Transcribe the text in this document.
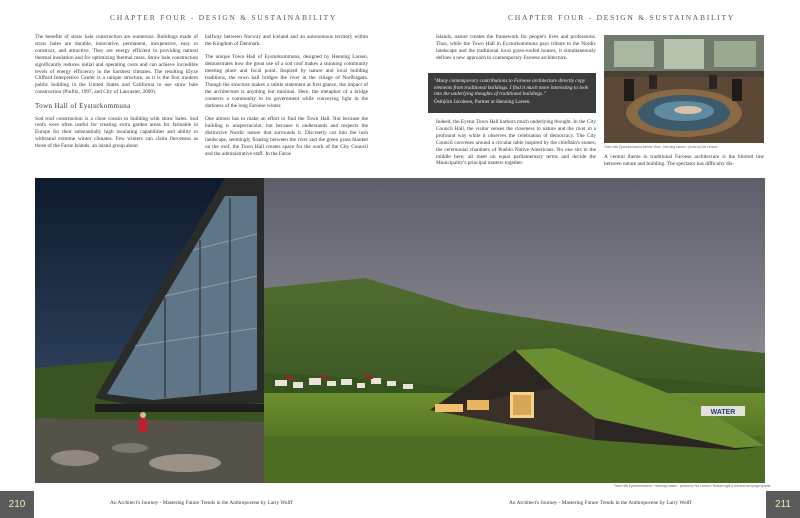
CHAPTER FOUR - DESIGN & SUSTAINABILITY

The benefits of straw bale construction are numerous. Buildings made of straw bales are durable, innovative, permanent, inexpensive, easy to construct, and attractive. They are energy efficient in providing natural thermal insulation and for optimizing thermal mass. Straw bale construction significantly reduces initial and operating costs and can achieve incredible levels of energy efficiency in the harshest climates. The resulting Elyze Clifford Interpretive Center is a unique structure, as it is the first modern public building in the United States and California to use straw bale construction (Pinfitz, 1997, and City of Lancaster, 2009).

Town Hall of Eysturkommuna

Sod roof construction is a close cousin to building with straw bales. Sod roofs were often useful for creating extra garden areas for farmable in Europe for their substantially high insulating capabilities and ability to withstand extreme winter climates. Few winters can claim fierceness as those of the Faroe Islands, an island group about

halfway between Norway and Iceland and an autonomous territory within the Kingdom of Denmark.

The unique Town Hall of Eysturkommuna, designed by Henning Larsen, demonstrates how the great use of a sod roof makes a stunning community meeting place and focal point. Inspired by nature and local building traditions, the town hall bridges the river in the village of Norðragøta. Though the structure makes a subtle statement at first glance, the impact of the architecture is anything but minimal. Here, the metaphor of a bridge connects a community to its government while conveying light in the darkness of the long Faroese winter.

One almost has to make an effort to find the Town Hall. Not because the building is unspectacular, but because it understands and respects the distinctive Nordic nature that surrounds it. Discreetly cut into the lush landscape, seemingly floating between the river and the green grass blanket on the roof, the Town Hall creates space for the work of the City Council and the administrative staff. In the Faroe

CHAPTER FOUR - DESIGN & SUSTAINABILITY

Islands, nature creates the framework for people's lives and professions. Thus, while the Town Hall in Eysturkommuna pays tribute to the Nordic landscape and the traditional local grass-roofed houses, it simultaneously defines a new approach to contemporary Faroese architecture.

"Many contemporary contributions to Faroese architecture directly copy elements from traditional buildings. I find it much more interesting to look into the underlying thoughts of traditional buildings."
Östbjörn Jacobsen, Partner at Henning Larsen.

Indeed, the Eystur Town Hall harbors much underlying thought. In the City Council Hall, the visitor senses the closeness to nature and the river in a profound way while it observes the celebration of democracy. The City Council convenes around a circular table inspired by the chieftain's stones, the ceremonial chambers of Pueblo Native Americans. No one sits in the middle here; all meet on equal parliamentary terms and decide the Municipality's principal matters together.

A central theme in traditional Faroese architecture is the blurred line between nature and building. The spectator has difficulty dis-

Town Hall Eysturkommuna Interior View - Henning Larsen - photo by Nic Lehoux
WATER
Town Hall Eysturkommuna - Henning Larsen - photos by Nic Lehoux / Bottom right & left and next page spread
210	An Architect's Journey - Mastering Future Trends in the Anthropocene by Larry Wolff	211
An Architect's Journey - Mastering Future Trends in the Anthropocene by Larry Wolff
